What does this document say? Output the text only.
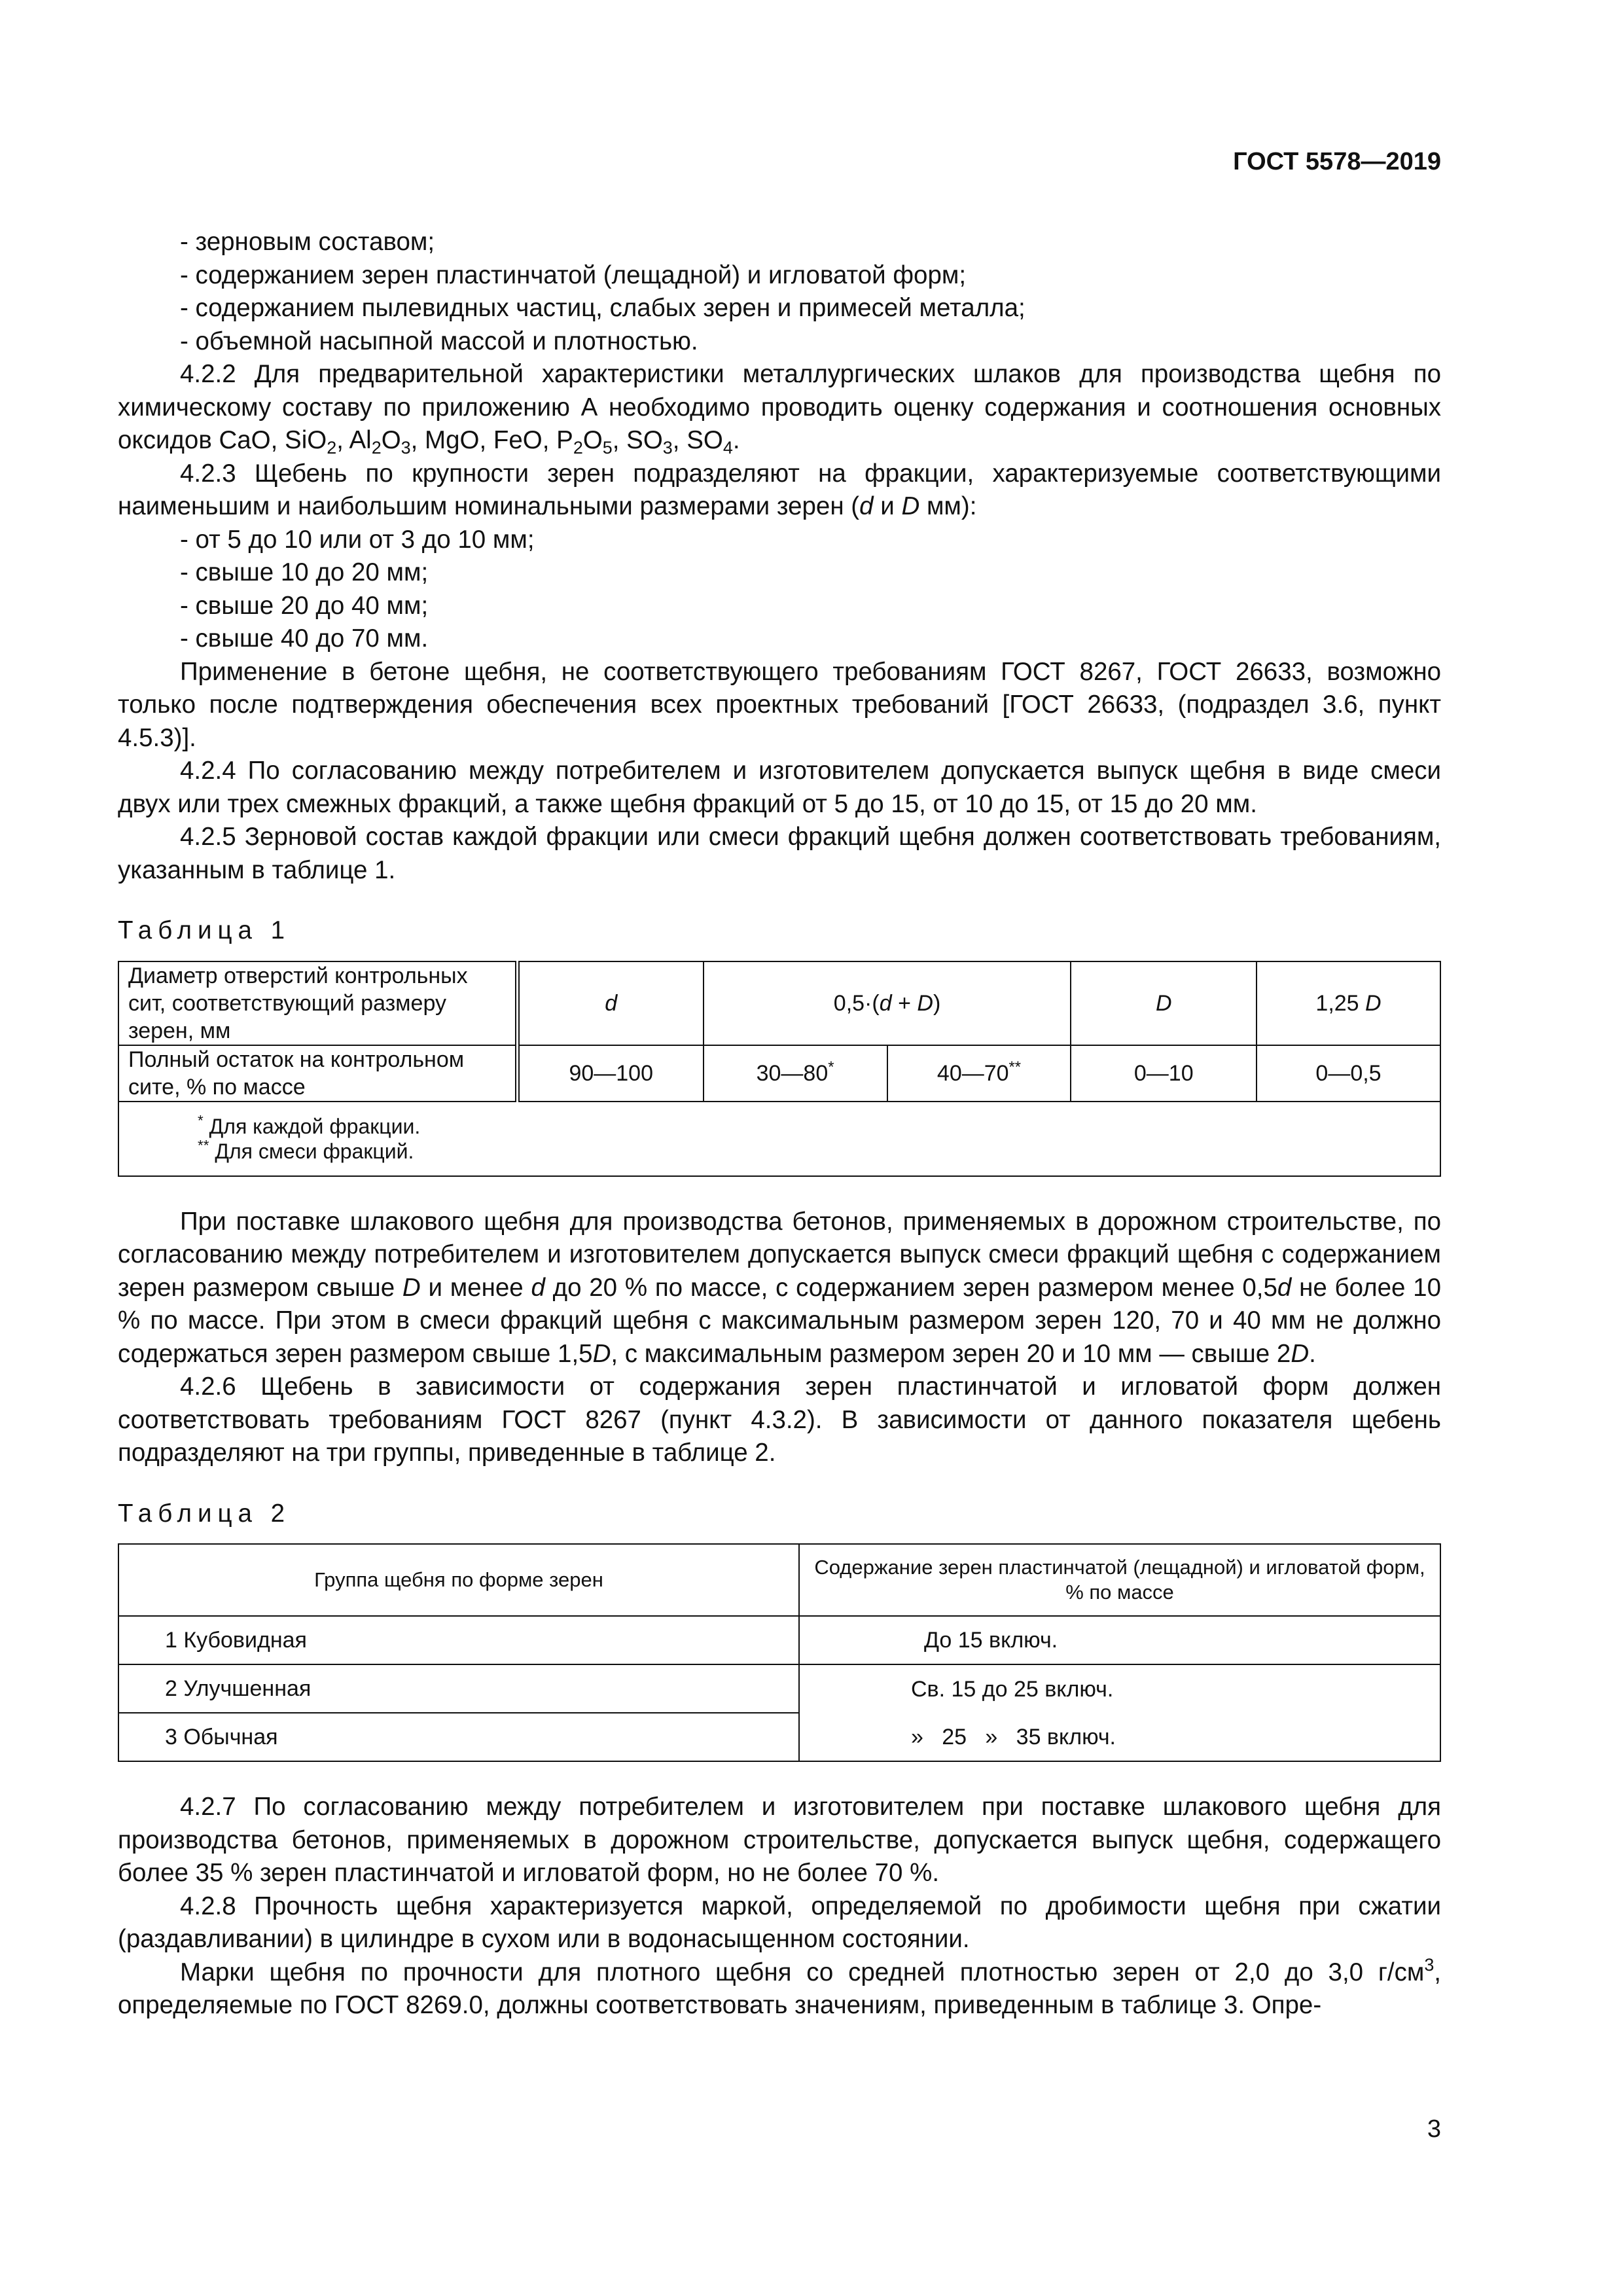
ГОСТ 5578—2019

- зерновым составом;

- содержанием зерен пластинчатой (лещадной) и игловатой форм;

- содержанием пылевидных частиц, слабых зерен и примесей металла;

- объемной насыпной массой и плотностью.

4.2.2 Для предварительной характеристики металлургических шлаков для производства щебня по химическому составу по приложению А необходимо проводить оценку содержания и соотношения основных оксидов CaO, SiO$_2$, $Al_2O_3$, MgO, FeO, $P_2O_5$, $SO_3$, $SO_4$.

4.2.3 Щебень по крупности зерен подразделяют на фракции, характеризуемые соответствующими наименьшим и наибольшим номинальными размерами зерен (d и D мм):

- от 5 до 10 или от 3 до 10 мм;

- свыше 10 до 20 мм;

- свыше 20 до 40 мм;

- свыше 40 до 70 мм.

Применение в бетоне щебня, не соответствующего требованиям ГОСТ 8267, ГОСТ 26633, возможно только после подтверждения обеспечения всех проектных требований [ГОСТ 26633, (подраздел 3.6, пункт 4.5.3)].

4.2.4 По согласованию между потребителем и изготовителем допускается выпуск щебня в виде смеси двух или трех смежных фракций, а также щебня фракций от 5 до 15, от 10 до 15, от 15 до 20 мм.

4.2.5 Зерновой состав каждой фракции или смеси фракций щебня должен соответствовать требованиям, указанным в таблице 1.

Таблица 1

Диаметр отверстий контрольных сит, соответствующий размеру зерен, мм	d	0,5·(d + D)		D	1,25 D
Полный остаток на контрольном сите, % по массе	90—100	30—80*	40—70**	0—10	0—0,5

* Для каждой фракции.
** Для смеси фракций.					

При поставке шлакового щебня для производства бетонов, применяемых в дорожном строительстве, по согласованию между потребителем и изготовителем допускается выпуск смеси фракций щебня с содержанием зерен размером свыше D и менее d до 20 % по массе, с содержанием зерен размером менее 0,5d не более 10 % по массе. При этом в смеси фракций щебня с максимальным размером зерен 120, 70 и 40 мм не должно содержаться зерен размером свыше 1,5D, с максимальным размером зерен 20 и 10 мм — свыше 2D.

4.2.6 Щебень в зависимости от содержания зерен пластинчатой и игловатой форм должен соответствовать требованиям ГОСТ 8267 (пункт 4.3.2). В зависимости от данного показателя щебень подразделяют на три группы, приведенные в таблице 2.

Таблица 2

Группа щебня по форме зерен	Содержание зерен пластинчатой (лещадной) и игловатой форм, % по массе
1 Кубовидная	До 15 включ.
2 Улучшенная	Св. 15 до 25 включ.
3 Обычная	»   25   »   35 включ.

4.2.7 По согласованию между потребителем и изготовителем при поставке шлакового щебня для производства бетонов, применяемых в дорожном строительстве, допускается выпуск щебня, содержащего более 35 % зерен пластинчатой и игловатой форм, но не более 70 %.

4.2.8 Прочность щебня характеризуется маркой, определяемой по дробимости щебня при сжатии (раздавливании) в цилиндре в сухом или в водонасыщенном состоянии.

Марки щебня по прочности для плотного щебня со средней плотностью зерен от 2,0 до 3,0 $г/см^3$, определяемые по ГОСТ 8269.0, должны соответствовать значениям, приведенным в таблице 3. Опре-

3
